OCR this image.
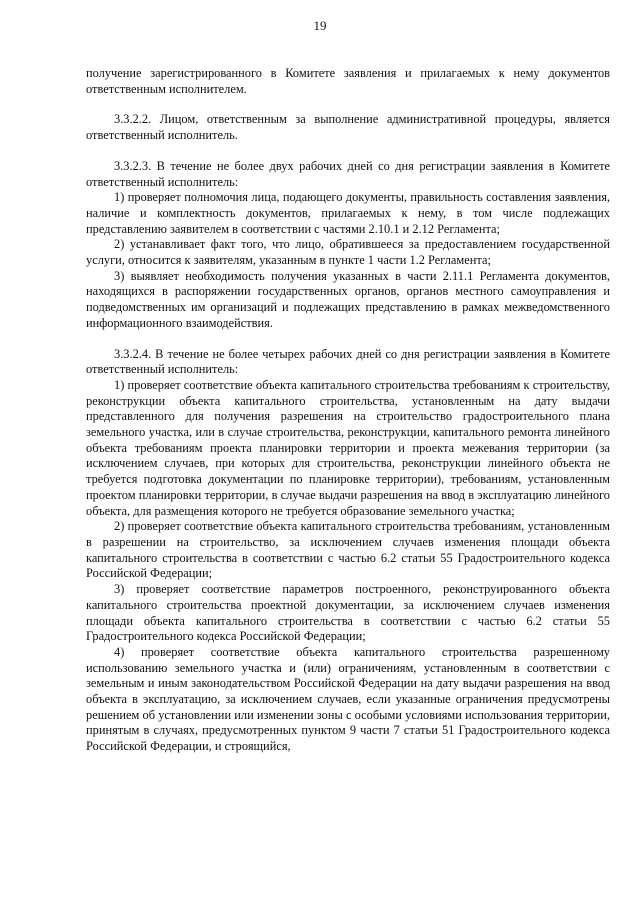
19

получение зарегистрированного в Комитете заявления и прилагаемых к нему документов ответственным исполнителем.

3.3.2.2. Лицом, ответственным за выполнение административной процедуры, является ответственный исполнитель.

3.3.2.3. В течение не более двух рабочих дней со дня регистрации заявления в Комитете ответственный исполнитель:

1) проверяет полномочия лица, подающего документы, правильность составления заявления, наличие и комплектность документов, прилагаемых к нему, в том числе подлежащих представлению заявителем в соответствии с частями 2.10.1 и 2.12 Регламента;

2) устанавливает факт того, что лицо, обратившееся за предоставлением государственной услуги, относится к заявителям, указанным в пункте 1 части 1.2 Регламента;

3) выявляет необходимость получения указанных в части 2.11.1 Регламента документов, находящихся в распоряжении государственных органов, органов местного самоуправления и подведомственных им организаций и подлежащих представлению в рамках межведомственного информационного взаимодействия.

3.3.2.4. В течение не более четырех рабочих дней со дня регистрации заявления в Комитете ответственный исполнитель:

1) проверяет соответствие объекта капитального строительства требованиям к строительству, реконструкции объекта капитального строительства, установленным на дату выдачи представленного для получения разрешения на строительство градостроительного плана земельного участка, или в случае строительства, реконструкции, капитального ремонта линейного объекта требованиям проекта планировки территории и проекта межевания территории (за исключением случаев, при которых для строительства, реконструкции линейного объекта не требуется подготовка документации по планировке территории), требованиям, установленным проектом планировки территории, в случае выдачи разрешения на ввод в эксплуатацию линейного объекта, для размещения которого не требуется образование земельного участка;

2) проверяет соответствие объекта капитального строительства требованиям, установленным в разрешении на строительство, за исключением случаев изменения площади объекта капитального строительства в соответствии с частью 6.2 статьи 55 Градостроительного кодекса Российской Федерации;

3) проверяет соответствие параметров построенного, реконструированного объекта капитального строительства проектной документации, за исключением случаев изменения площади объекта капитального строительства в соответствии с частью 6.2 статьи 55 Градостроительного кодекса Российской Федерации;

4) проверяет соответствие объекта капитального строительства разрешенному использованию земельного участка и (или) ограничениям, установленным в соответствии с земельным и иным законодательством Российской Федерации на дату выдачи разрешения на ввод объекта в эксплуатацию, за исключением случаев, если указанные ограничения предусмотрены решением об установлении или изменении зоны с особыми условиями использования территории, принятым в случаях, предусмотренных пунктом 9 части 7 статьи 51 Градостроительного кодекса Российской Федерации, и строящийся,
